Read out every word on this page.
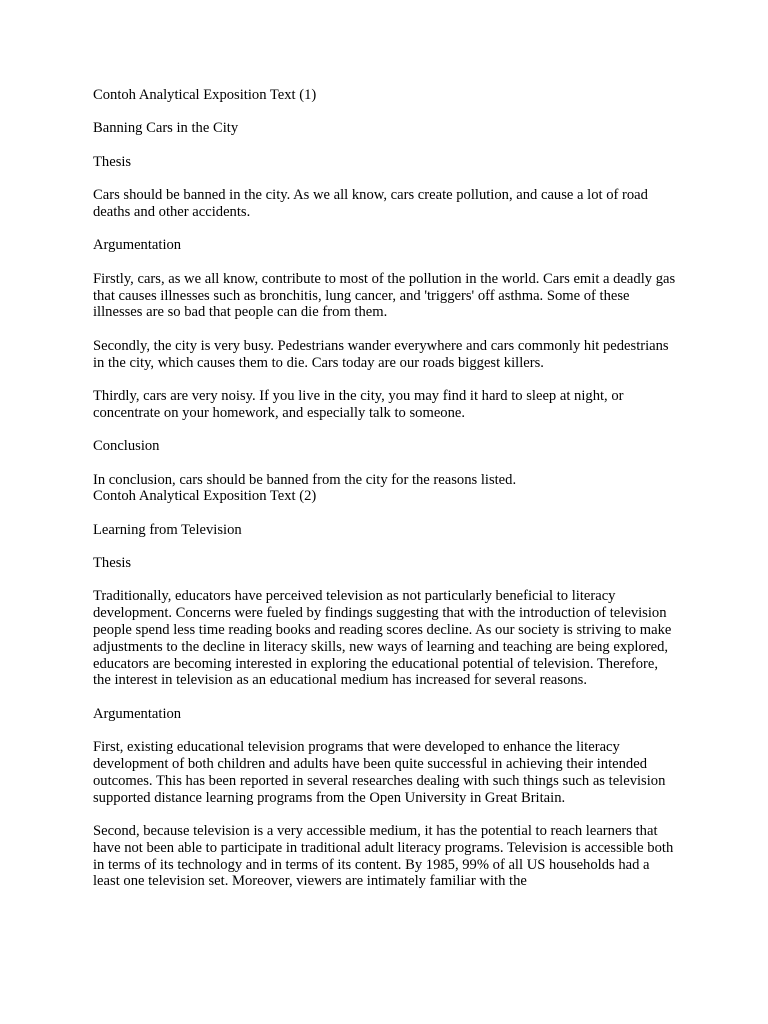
Contoh Analytical Exposition Text (1)

Banning Cars in the City

Thesis

Cars should be banned in the city. As we all know, cars create pollution, and cause a lot of road deaths and other accidents.

Argumentation

Firstly, cars, as we all know, contribute to most of the pollution in the world. Cars emit a deadly gas that causes illnesses such as bronchitis, lung cancer, and 'triggers' off asthma. Some of these illnesses are so bad that people can die from them.

Secondly, the city is very busy. Pedestrians wander everywhere and cars commonly hit pedestrians in the city, which causes them to die. Cars today are our roads biggest killers.

Thirdly, cars are very noisy. If you live in the city, you may find it hard to sleep at night, or concentrate on your homework, and especially talk to someone.

Conclusion

In conclusion, cars should be banned from the city for the reasons listed.

Contoh Analytical Exposition Text (2)

Learning from Television

Thesis

Traditionally, educators have perceived television as not particularly beneficial to literacy development. Concerns were fueled by findings suggesting that with the introduction of television people spend less time reading books and reading scores decline. As our society is striving to make adjustments to the decline in literacy skills, new ways of learning and teaching are being explored, educators are becoming interested in exploring the educational potential of television. Therefore, the interest in television as an educational medium has increased for several reasons.

Argumentation

First, existing educational television programs that were developed to enhance the literacy development of both children and adults have been quite successful in achieving their intended outcomes. This has been reported in several researches dealing with such things such as television supported distance learning programs from the Open University in Great Britain.

Second, because television is a very accessible medium, it has the potential to reach learners that have not been able to participate in traditional adult literacy programs. Television is accessible both in terms of its technology and in terms of its content. By 1985, 99% of all US households had a least one television set. Moreover, viewers are intimately familiar with the
